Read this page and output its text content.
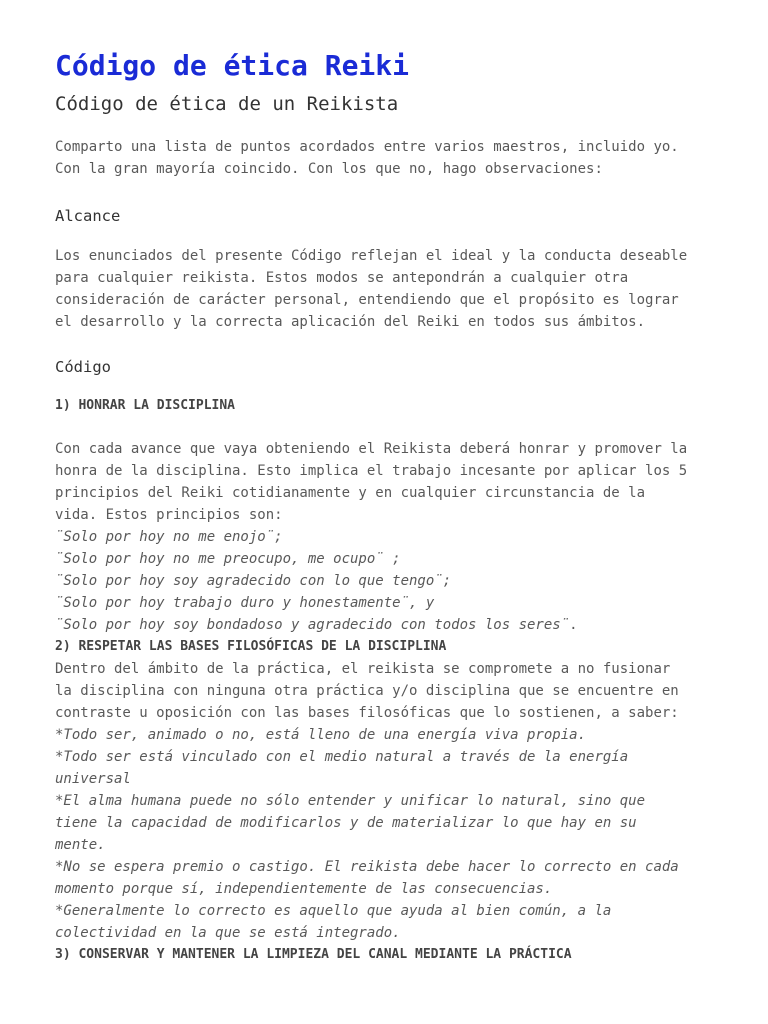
Código de ética Reiki
Código de ética de un Reikista

Comparto una lista de puntos acordados entre varios maestros, incluido yo.
Con la gran mayoría coincido. Con los que no, hago observaciones:

Alcance

Los enunciados del presente Código reflejan el ideal y la conducta deseable
para cualquier reikista. Estos modos se antepondrán a cualquier otra
consideración de carácter personal, entendiendo que el propósito es lograr
el desarrollo y la correcta aplicación del Reiki en todos sus ámbitos.

Código
1) HONRAR LA DISCIPLINA

Con cada avance que vaya obteniendo el Reikista deberá honrar y promover la
honra de la disciplina. Esto implica el trabajo incesante por aplicar los 5
principios del Reiki cotidianamente y en cualquier circunstancia de la
vida. Estos principios son:

¨Solo por hoy no me enojo¨;
¨Solo por hoy no me preocupo, me ocupo¨ ;
¨Solo por hoy soy agradecido con lo que tengo¨;
¨Solo por hoy trabajo duro y honestamente¨, y

¨Solo por hoy soy bondadoso y agradecido con todos los seres¨.

2) RESPETAR LAS BASES FILOSÓFICAS DE LA DISCIPLINA

Dentro del ámbito de la práctica, el reikista se compromete a no fusionar
la disciplina con ninguna otra práctica y/o disciplina que se encuentre en
contraste u oposición con las bases filosóficas que lo sostienen, a saber:

*Todo ser, animado o no, está lleno de una energía viva propia.
*Todo ser está vinculado con el medio natural a través de la energía
universal
*El alma humana puede no sólo entender y unificar lo natural, sino que
tiene la capacidad de modificarlos y de materializar lo que hay en su
mente.
*No se espera premio o castigo. El reikista debe hacer lo correcto en cada
momento porque sí, independientemente de las consecuencias.
*Generalmente lo correcto es aquello que ayuda al bien común, a la
colectividad en la que se está integrado.
3) CONSERVAR Y MANTENER LA LIMPIEZA DEL CANAL MEDIANTE LA PRÁCTICA
